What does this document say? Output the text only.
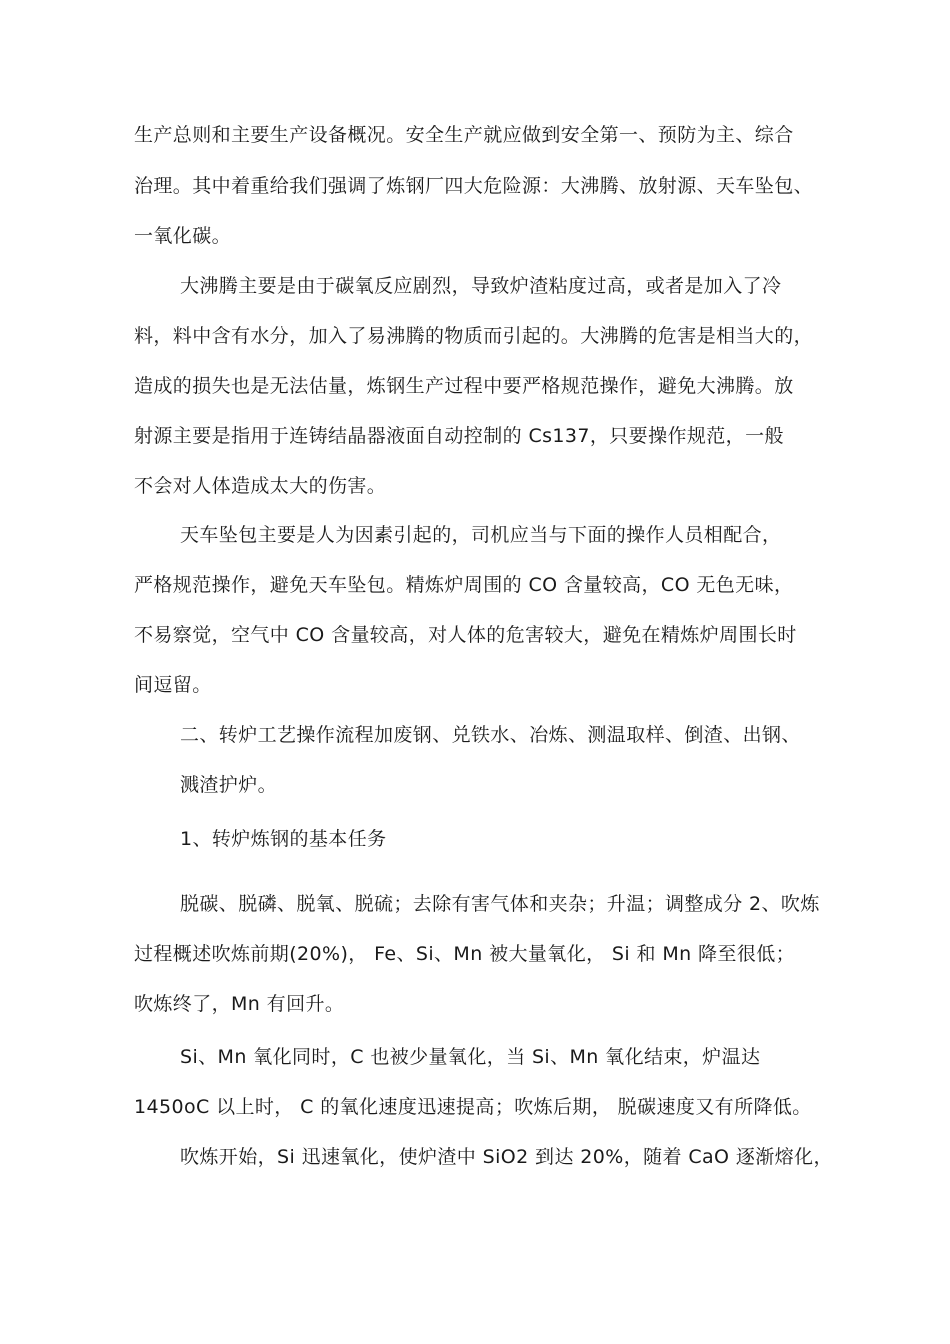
生产总则和主要生产设备概况。安全生产就应做到安全第一、预防为主、综合
治理。其中着重给我们强调了炼钢厂四大危险源：大沸腾、放射源、天车坠包、
一氧化碳。
大沸腾主要是由于碳氧反应剧烈，导致炉渣粘度过高，或者是加入了冷
料，料中含有水分，加入了易沸腾的物质而引起的。大沸腾的危害是相当大的，
造成的损失也是无法估量，炼钢生产过程中要严格规范操作，避免大沸腾。放
射源主要是指用于连铸结晶器液面自动控制的 Cs137，只要操作规范，一般
不会对人体造成太大的伤害。
天车坠包主要是人为因素引起的，司机应当与下面的操作人员相配合，
严格规范操作，避免天车坠包。精炼炉周围的 CO 含量较高，CO 无色无味，
不易察觉，空气中 CO 含量较高，对人体的危害较大，避免在精炼炉周围长时
间逗留。
二、转炉工艺操作流程加废钢、兑铁水、冶炼、测温取样、倒渣、出钢、
溅渣护炉。
1、转炉炼钢的基本任务
脱碳、脱磷、脱氧、脱硫；去除有害气体和夹杂；升温；调整成分 2、吹炼
过程概述吹炼前期(20%)， Fe、Si、Mn 被大量氧化， Si 和 Mn 降至很低；
吹炼终了，Mn 有回升。
Si、Mn 氧化同时，C 也被少量氧化，当 Si、Mn 氧化结束，炉温达
1450oC 以上时， C 的氧化速度迅速提高；吹炼后期， 脱碳速度又有所降低。
吹炼开始，Si 迅速氧化，使炉渣中 SiO2 到达 20%，随着 CaO 逐渐熔化，
